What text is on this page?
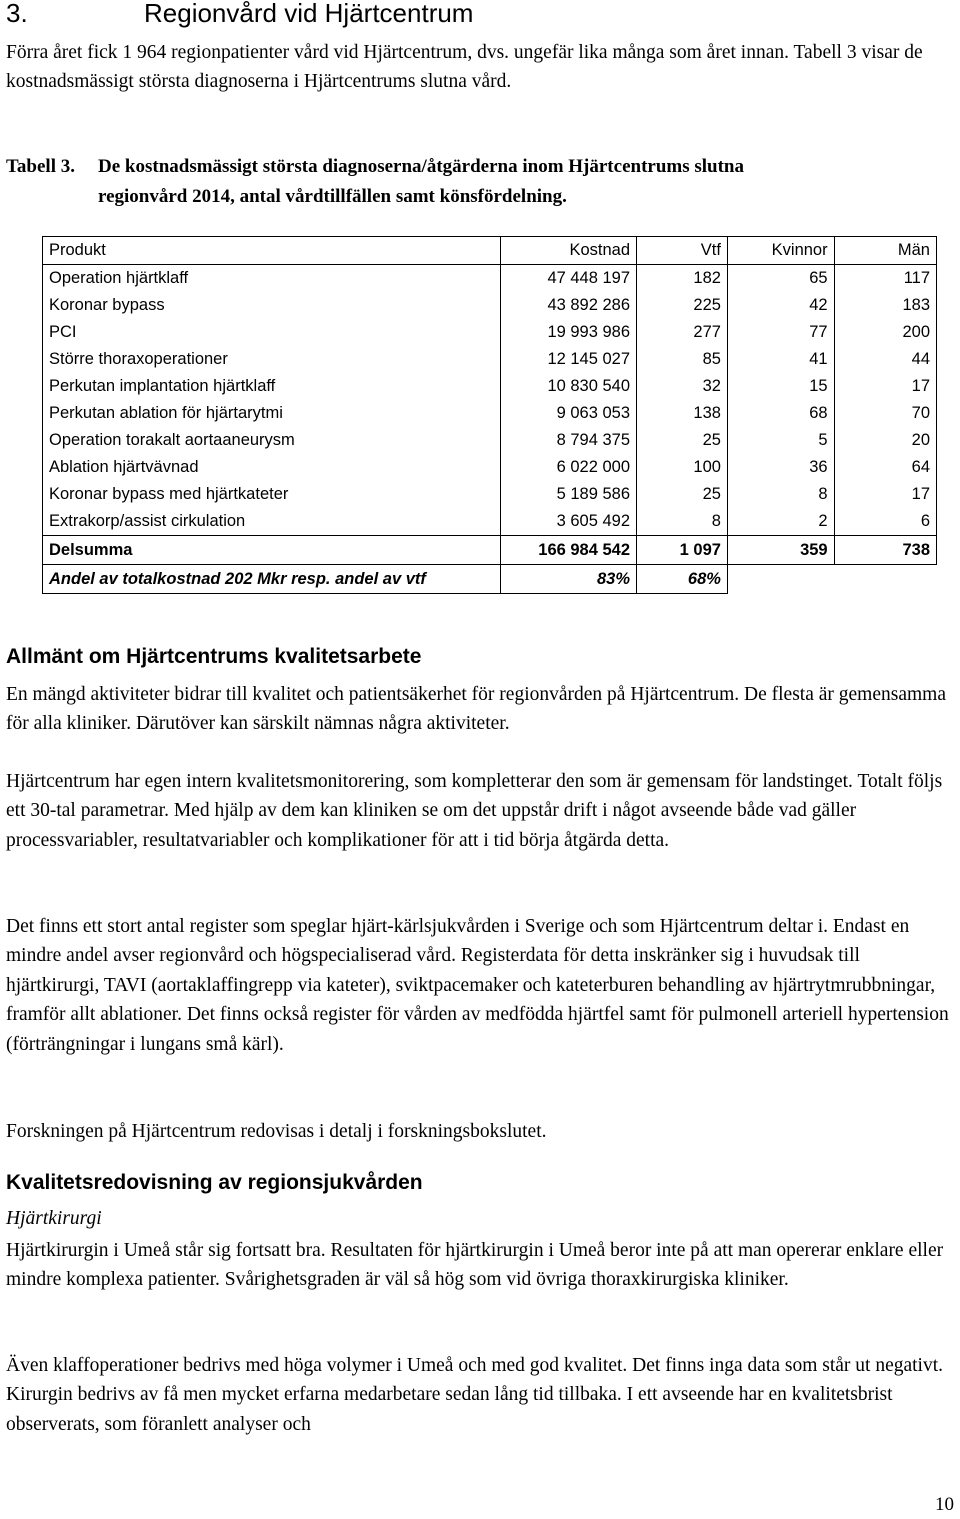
3.	Regionvård vid Hjärtcentrum

Förra året fick 1 964 regionpatienter vård vid Hjärtcentrum, dvs. ungefär lika många som året innan. Tabell 3 visar de kostnadsmässigt största diagnoserna i Hjärtcentrums slutna vård.

Tabell 3. De kostnadsmässigt största diagnoserna/åtgärderna inom Hjärtcentrums slutna
regionvård 2014, antal vårdtillfällen samt könsfördelning.
Produkt	Kostnad	Vtf	Kvinnor	Män
Operation hjärtklaff	47 448 197	182	65	117
Koronar bypass	43 892 286	225	42	183
PCI	19 993 986	277	77	200
Större thoraxoperationer	12 145 027	85	41	44
Perkutan implantation hjärtklaff	10 830 540	32	15	17
Perkutan ablation för hjärtarytmi	9 063 053	138	68	70
Operation torakalt aortaaneurysm	8 794 375	25	5	20
Ablation hjärtvävnad	6 022 000	100	36	64
Koronar bypass med hjärtkateter	5 189 586	25	8	17
Extrakorp/assist cirkulation	3 605 492	8	2	6
Delsumma	166 984 542	1 097	359	738
Andel av totalkostnad 202 Mkr resp. andel av vtf	83%	68%		
Allmänt om Hjärtcentrums kvalitetsarbete

En mängd aktiviteter bidrar till kvalitet och patientsäkerhet för regionvården på Hjärtcentrum. De flesta är gemensamma för alla kliniker. Därutöver kan särskilt nämnas några aktiviteter.

Hjärtcentrum har egen intern kvalitetsmonitorering, som kompletterar den som är gemensam för landstinget. Totalt följs ett 30-tal parametrar. Med hjälp av dem kan kliniken se om det uppstår drift i något avseende både vad gäller processvariabler, resultatvariabler och komplikationer för att i tid börja åtgärda detta.

Det finns ett stort antal register som speglar hjärt-kärlsjukvården i Sverige och som Hjärtcentrum deltar i. Endast en mindre andel avser regionvård och högspecialiserad vård. Registerdata för detta inskränker sig i huvudsak till hjärtkirurgi, TAVI (aortaklaffingrepp via kateter), sviktpacemaker och kateterburen behandling av hjärtrytmrubbningar, framför allt ablationer. Det finns också register för vården av medfödda hjärtfel samt för pulmonell arteriell hypertension (förträngningar i lungans små kärl).

Forskningen på Hjärtcentrum redovisas i detalj i forskningsbokslutet.

Kvalitetsredovisning av regionsjukvården
Hjärtkirurgi

Hjärtkirurgin i Umeå står sig fortsatt bra. Resultaten för hjärtkirurgin i Umeå beror inte på att man opererar enklare eller mindre komplexa patienter. Svårighetsgraden är väl så hög som vid övriga thoraxkirurgiska kliniker.

Även klaffoperationer bedrivs med höga volymer i Umeå och med god kvalitet. Det finns inga data som står ut negativt. Kirurgin bedrivs av få men mycket erfarna medarbetare sedan lång tid tillbaka. I ett avseende har en kvalitetsbrist observerats, som föranlett analyser och

10
